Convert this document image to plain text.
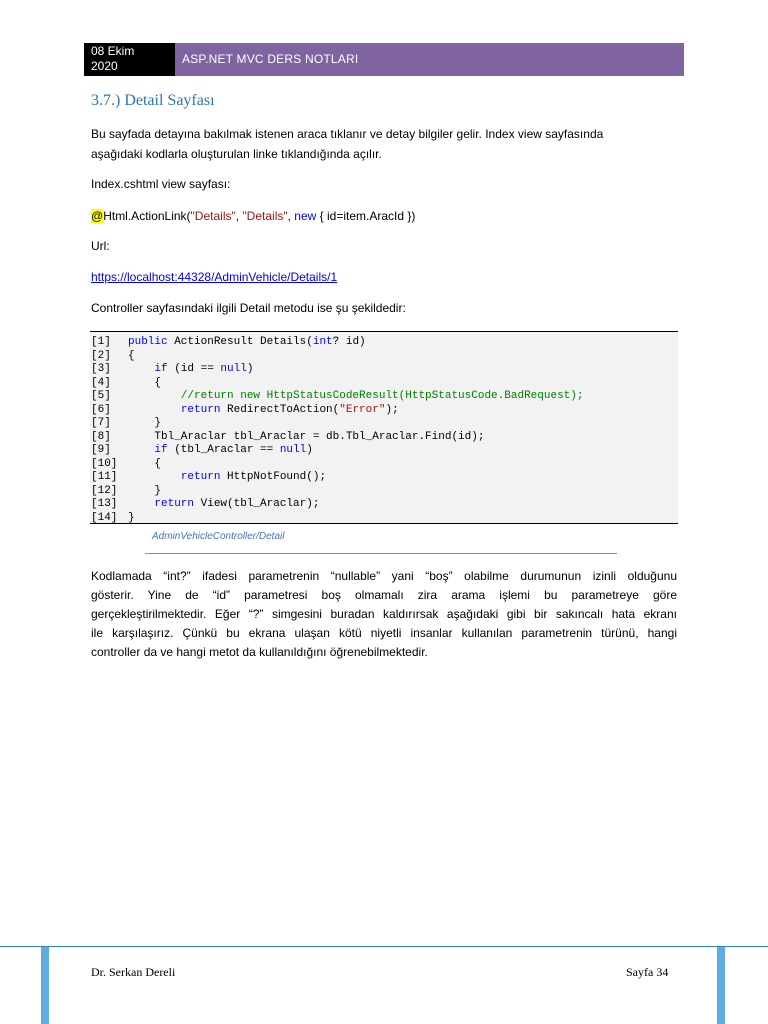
08 Ekim
2020	ASP.NET MVC DERS NOTLARI
3.7.) Detail Sayfası
Bu sayfada detayına bakılmak istenen araca tıklanır ve detay bilgiler gelir. Index view sayfasında
aşağıdaki kodlarla oluşturulan linke tıklandığında açılır.
Index.cshtml view sayfası:
@Html.ActionLink("Details", "Details", new { id=item.AracId })
Url:
https://localhost:44328/AdminVehicle/Details/1
Controller sayfasındaki ilgili Detail metodu ise şu şekildedir:
[1] public ActionResult Details(int? id)
[2] {
[3]	if (id == null)
[4] {
[5] //return new HttpStatusCodeResult(HttpStatusCode.BadRequest);
[6]	return RedirectToAction("Error");
[7] }
[8] Tbl_Araclar tbl_Araclar = db.Tbl_Araclar.Find(id);
[9]	if (tbl_Araclar == null)
[10] {
[11]	return HttpNotFound();
[12] }
[13]	return View(tbl_Araclar);
[14] }
AdminVehicleController/Detail
Kodlamada “int?” ifadesi parametrenin “nullable” yani “boş” olabilme durumunun izinli olduğunu
gösterir. Yine de “id” parametresi boş olmamalı zira arama işlemi bu parametreye göre
gerçekleştirilmektedir. Eğer “?” simgesini buradan kaldırırsak aşağıdaki gibi bir sakıncalı hata ekranı
ile karşılaşırız. Çünkü bu ekrana ulaşan kötü niyetli insanlar kullanılan parametrenin türünü, hangi
controller da ve hangi metot da kullanıldığını öğrenebilmektedir.
Dr. Serkan Dereli	Sayfa 34
